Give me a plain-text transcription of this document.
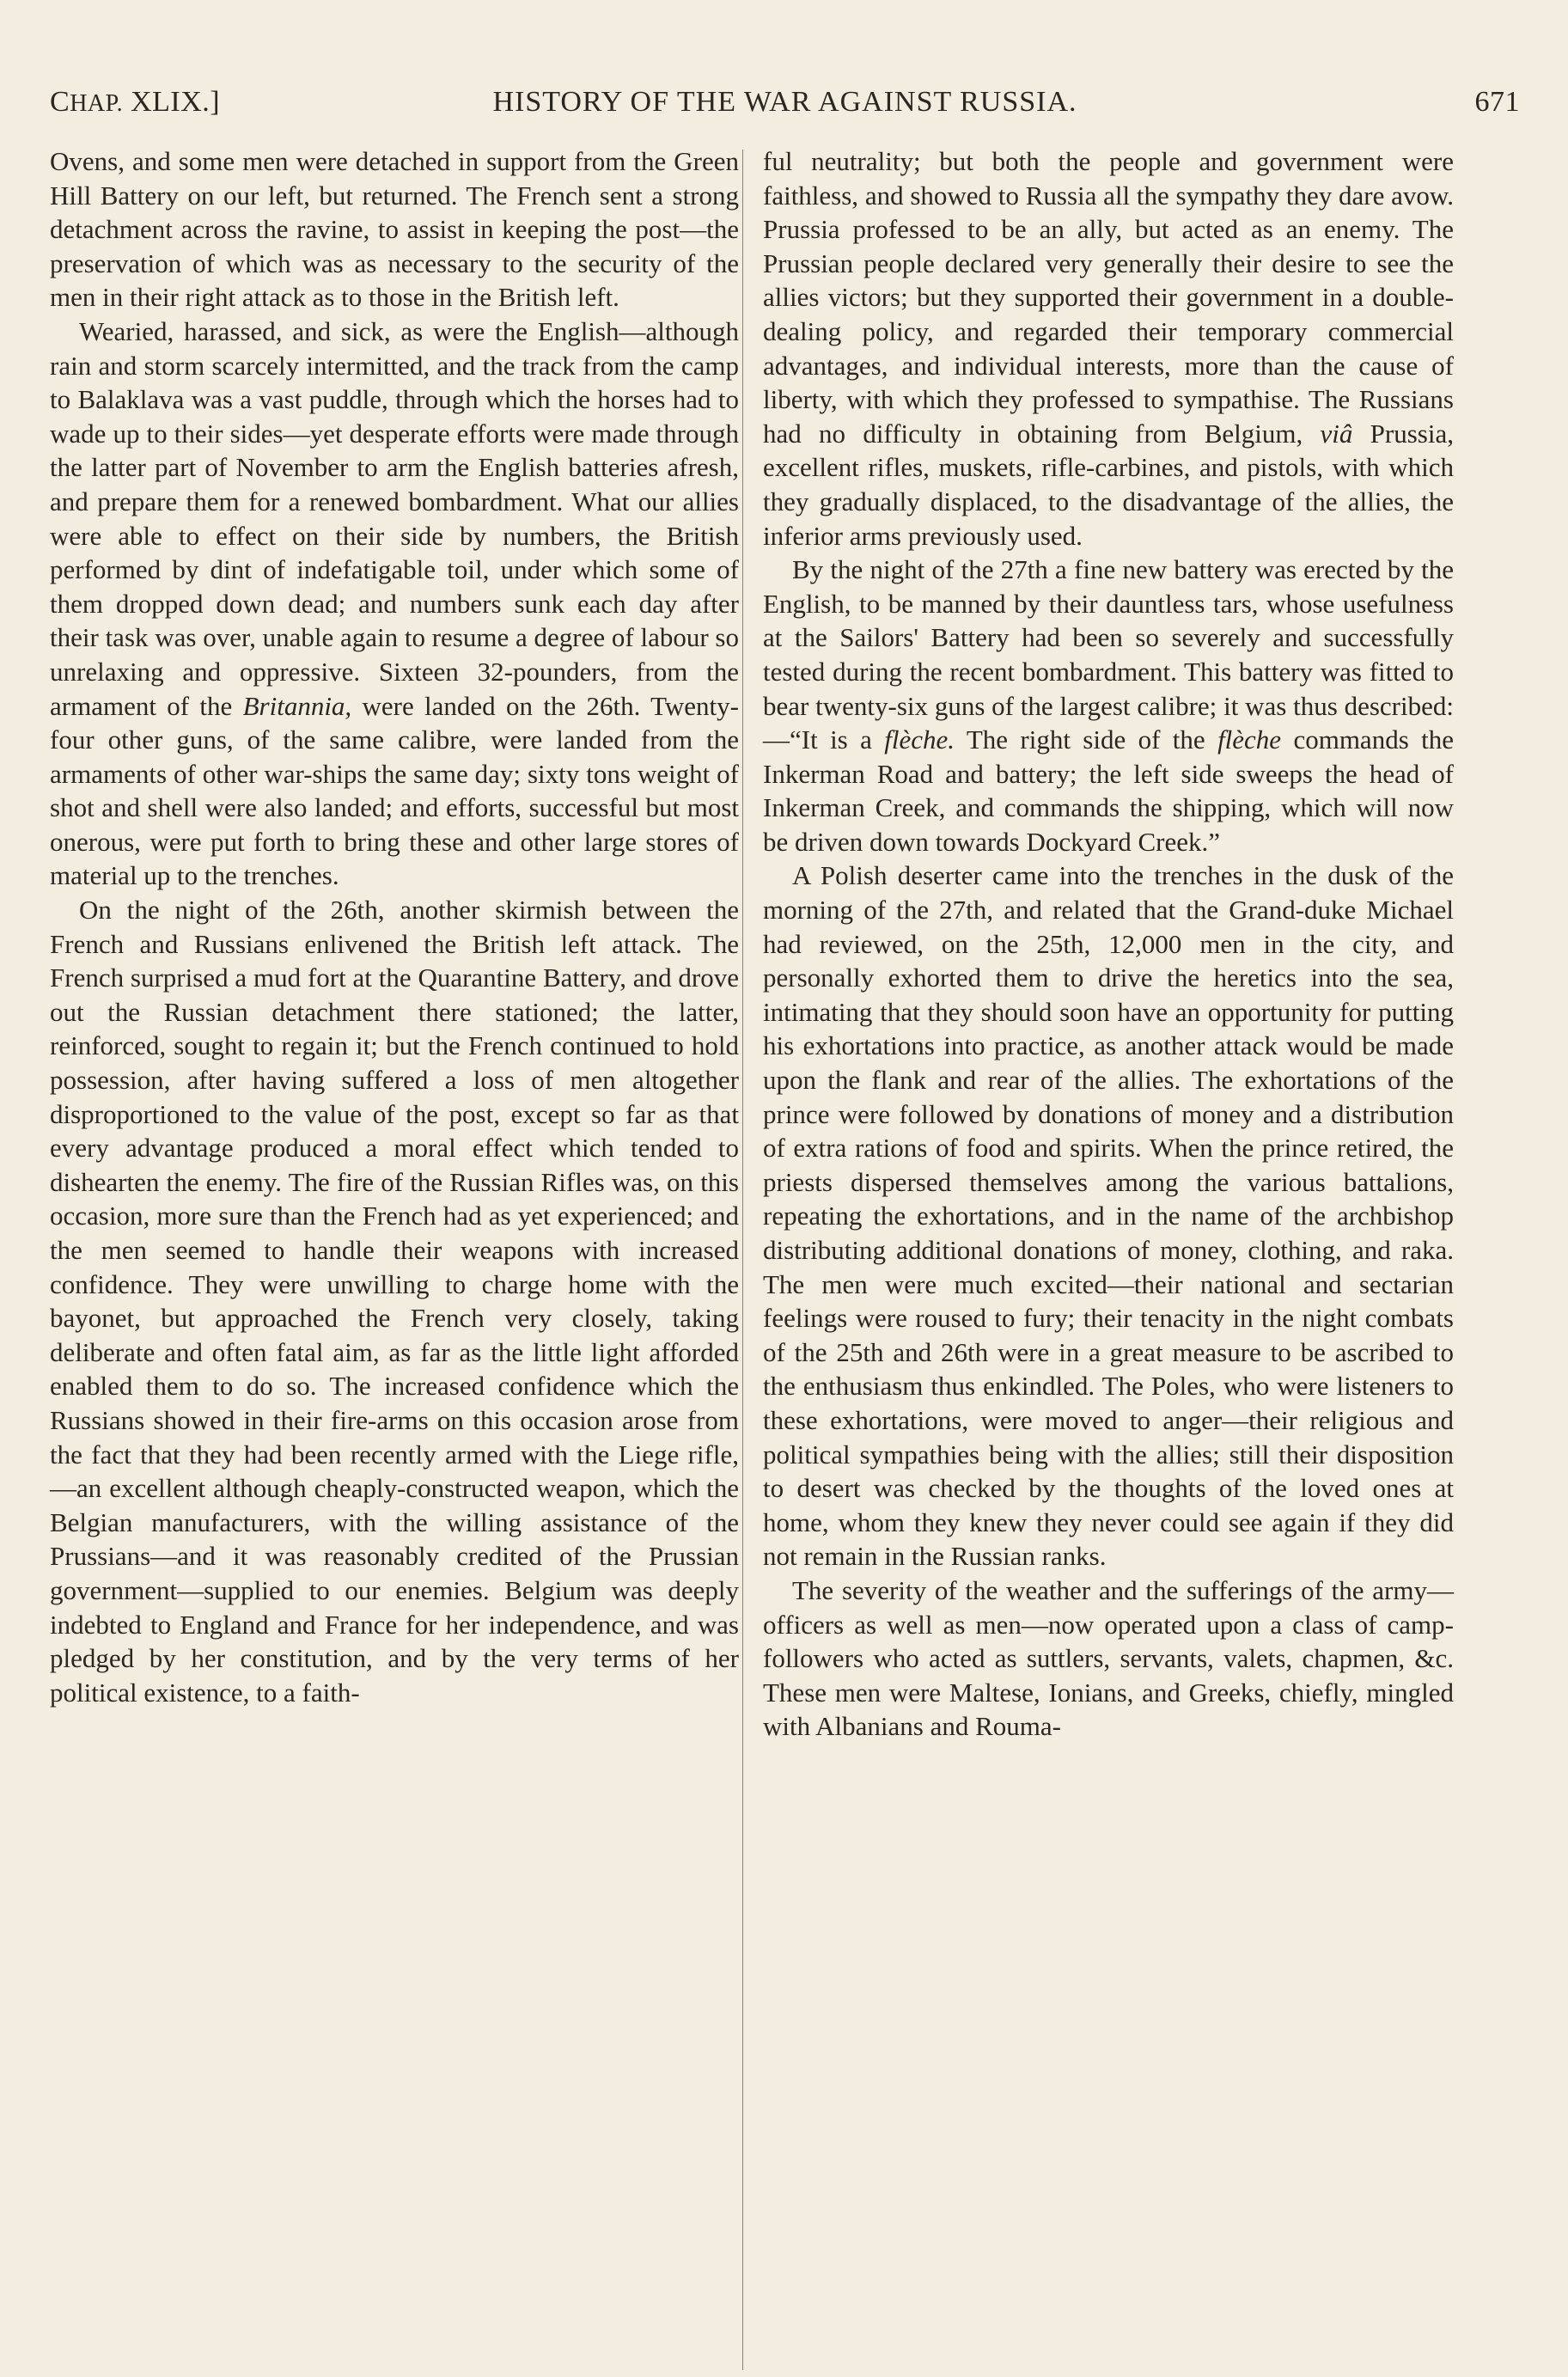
CHAP. XLIX.]	HISTORY OF THE WAR AGAINST RUSSIA.	671

Ovens, and some men were detached in support from the Green Hill Battery on our left, but returned. The French sent a strong detachment across the ravine, to assist in keeping the post—the preservation of which was as necessary to the security of the men in their right attack as to those in the British left.

Wearied, harassed, and sick, as were the English—although rain and storm scarcely intermitted, and the track from the camp to Balaklava was a vast puddle, through which the horses had to wade up to their sides—yet desperate efforts were made through the latter part of November to arm the English batteries afresh, and prepare them for a renewed bombardment. What our allies were able to effect on their side by numbers, the British performed by dint of indefatigable toil, under which some of them dropped down dead; and numbers sunk each day after their task was over, unable again to resume a degree of labour so unrelaxing and oppressive. Sixteen 32-pounders, from the armament of the Britannia, were landed on the 26th. Twenty-four other guns, of the same calibre, were landed from the armaments of other war-ships the same day; sixty tons weight of shot and shell were also landed; and efforts, successful but most onerous, were put forth to bring these and other large stores of material up to the trenches.

On the night of the 26th, another skirmish between the French and Russians enlivened the British left attack. The French surprised a mud fort at the Quarantine Battery, and drove out the Russian detachment there stationed; the latter, reinforced, sought to regain it; but the French continued to hold possession, after having suffered a loss of men altogether disproportioned to the value of the post, except so far as that every advantage produced a moral effect which tended to dishearten the enemy. The fire of the Russian Rifles was, on this occasion, more sure than the French had as yet experienced; and the men seemed to handle their weapons with increased confidence. They were unwilling to charge home with the bayonet, but approached the French very closely, taking deliberate and often fatal aim, as far as the little light afforded enabled them to do so. The increased confidence which the Russians showed in their fire-arms on this occasion arose from the fact that they had been recently armed with the Liege rifle,—an excellent although cheaply-constructed weapon, which the Belgian manufacturers, with the willing assistance of the Prussians—and it was reasonably credited of the Prussian government—supplied to our enemies. Belgium was deeply indebted to England and France for her independence, and was pledged by her constitution, and by the very terms of her political existence, to a faith-

ful neutrality; but both the people and government were faithless, and showed to Russia all the sympathy they dare avow. Prussia professed to be an ally, but acted as an enemy. The Prussian people declared very generally their desire to see the allies victors; but they supported their government in a double-dealing policy, and regarded their temporary commercial advantages, and individual interests, more than the cause of liberty, with which they professed to sympathise. The Russians had no difficulty in obtaining from Belgium, viâ Prussia, excellent rifles, muskets, rifle-carbines, and pistols, with which they gradually displaced, to the disadvantage of the allies, the inferior arms previously used.

By the night of the 27th a fine new battery was erected by the English, to be manned by their dauntless tars, whose usefulness at the Sailors' Battery had been so severely and successfully tested during the recent bombardment. This battery was fitted to bear twenty-six guns of the largest calibre; it was thus described:—“It is a flèche. The right side of the flèche commands the Inkerman Road and battery; the left side sweeps the head of Inkerman Creek, and commands the shipping, which will now be driven down towards Dockyard Creek.”

A Polish deserter came into the trenches in the dusk of the morning of the 27th, and related that the Grand-duke Michael had reviewed, on the 25th, 12,000 men in the city, and personally exhorted them to drive the heretics into the sea, intimating that they should soon have an opportunity for putting his exhortations into practice, as another attack would be made upon the flank and rear of the allies. The exhortations of the prince were followed by donations of money and a distribution of extra rations of food and spirits. When the prince retired, the priests dispersed themselves among the various battalions, repeating the exhortations, and in the name of the archbishop distributing additional donations of money, clothing, and raka. The men were much excited—their national and sectarian feelings were roused to fury; their tenacity in the night combats of the 25th and 26th were in a great measure to be ascribed to the enthusiasm thus enkindled. The Poles, who were listeners to these exhortations, were moved to anger—their religious and political sympathies being with the allies; still their disposition to desert was checked by the thoughts of the loved ones at home, whom they knew they never could see again if they did not remain in the Russian ranks.

The severity of the weather and the sufferings of the army—officers as well as men—now operated upon a class of camp-followers who acted as suttlers, servants, valets, chapmen, &c. These men were Maltese, Ionians, and Greeks, chiefly, mingled with Albanians and Rouma-
